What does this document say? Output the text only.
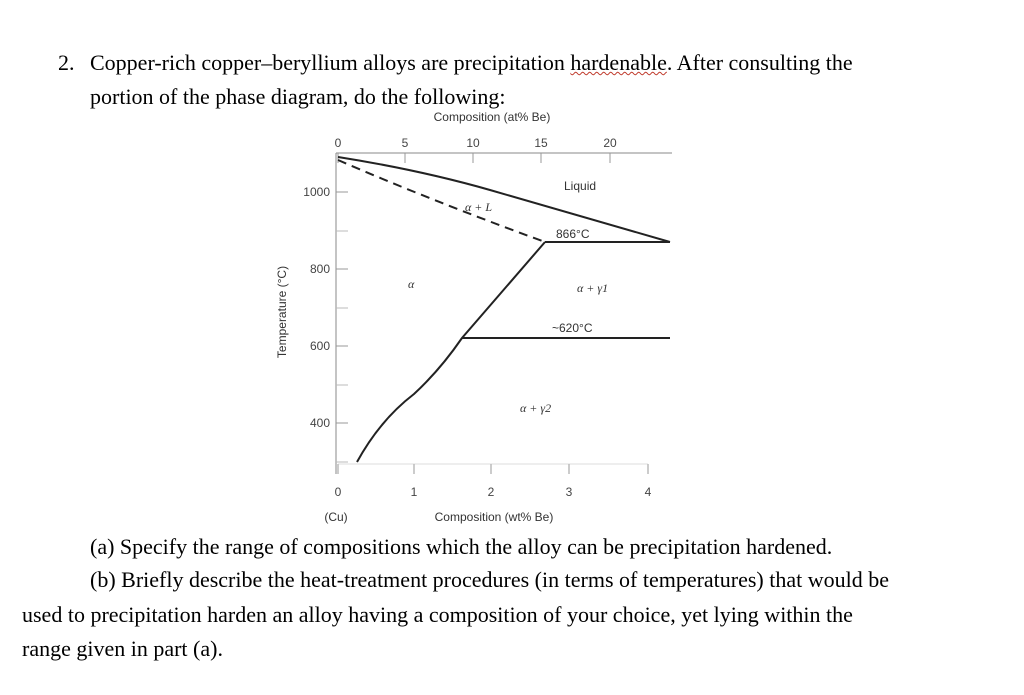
2. Copper-rich copper–beryllium alloys are precipitation hardenable. After consulting the
portion of the phase diagram, do the following:
0	5	10	15	20
Composition (at% Be)
0	1	2	3	4
Composition (wt% Be)
(Cu)
1000
800
600
400
Temperature (°C)
Liquid
α + L
α	α + γ1
α + γ2
866°C
~620°C
(a) Specify the range of compositions which the alloy can be precipitation hardened.
(b) Briefly describe the heat-treatment procedures (in terms of temperatures) that would be
used to precipitation harden an alloy having a composition of your choice, yet lying within the
range given in part (a).
